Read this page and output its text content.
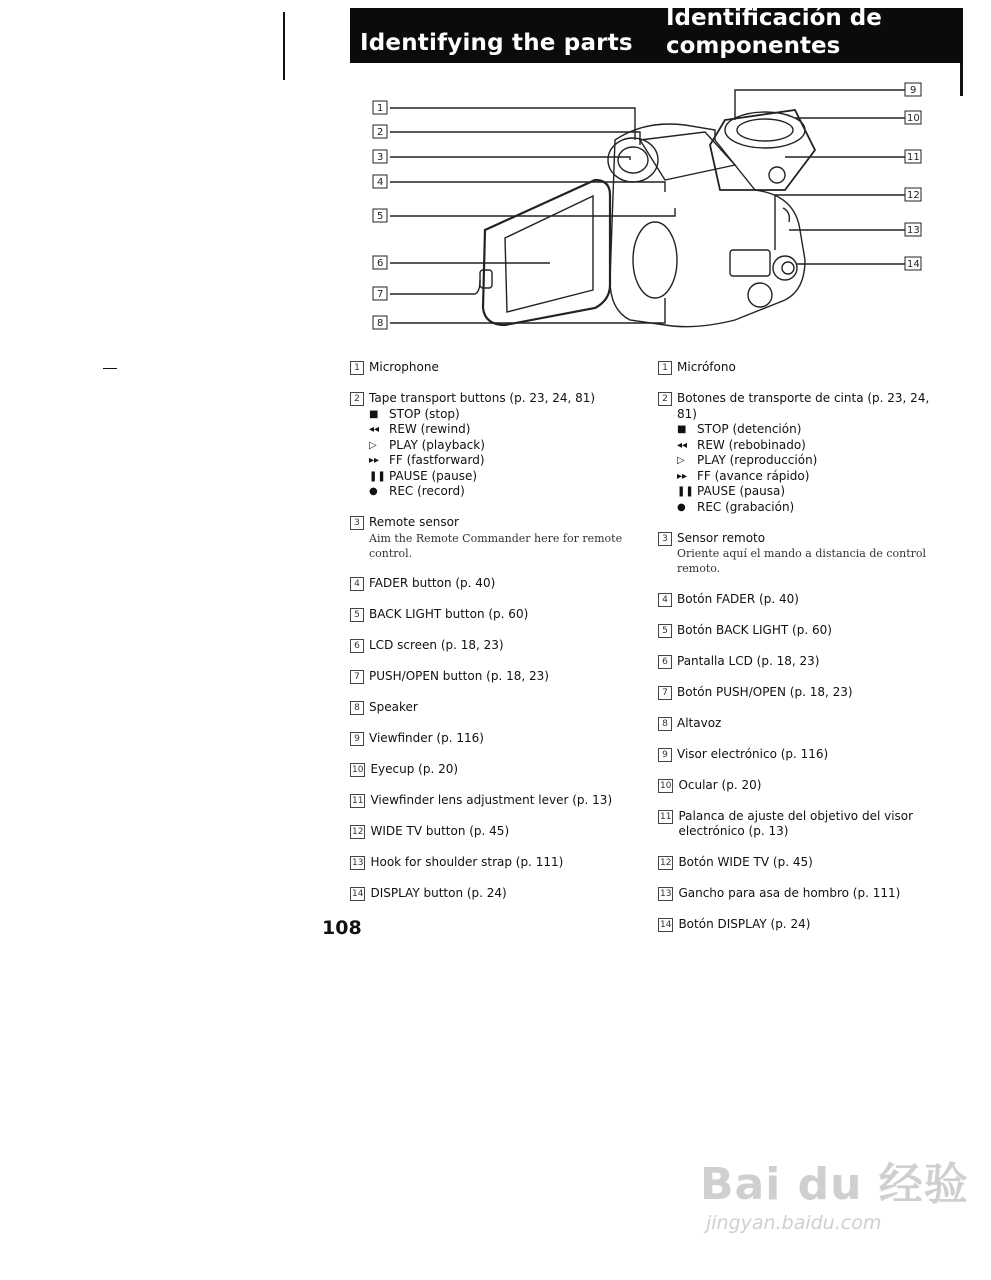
Identifying the parts
Identificación de
componentes
1
2
3
4
5
6
7
8
9
10
11
12
13
14
1 Microphone
2 Tape transport buttons (p. 23, 24, 81)
■ STOP (stop)
◂◂ REW (rewind)
▷	PLAY (playback)
▸▸ FF (fastforward)
❚❚ PAUSE (pause)
● REC (record)
3 Remote sensor
Aim the Remote Commander here for remote control.
4 FADER button (p. 40)
5 BACK LIGHT button (p. 60)
6 LCD screen (p. 18, 23)
7 PUSH/OPEN button (p. 18, 23)
8 Speaker
9 Viewfinder (p. 116)
10 Eyecup (p. 20)
11 Viewfinder lens adjustment lever (p. 13)
12 WIDE TV button (p. 45)
13 Hook for shoulder strap (p. 111)
14 DISPLAY button (p. 24)
1 Micrófono
2 Botones de transporte de cinta (p. 23, 24, 81)
■ STOP (detención)
◂◂ REW (rebobinado)
▷	PLAY (reproducción)
▸▸ FF (avance rápido)
❚❚ PAUSE (pausa)
● REC (grabación)
3 Sensor remoto
Oriente aquí el mando a distancia de control remoto.
4 Botón FADER (p. 40)
5 Botón BACK LIGHT (p. 60)
6 Pantalla LCD (p. 18, 23)
7 Botón PUSH/OPEN (p. 18, 23)
8 Altavoz
9 Visor electrónico (p. 116)
10 Ocular (p. 20)
11 Palanca de ajuste del objetivo del visor electrónico (p. 13)
12 Botón WIDE TV (p. 45)
13 Gancho para asa de hombro (p. 111)
14 Botón DISPLAY (p. 24)
108
Bai du 经验
jingyan.baidu.com
